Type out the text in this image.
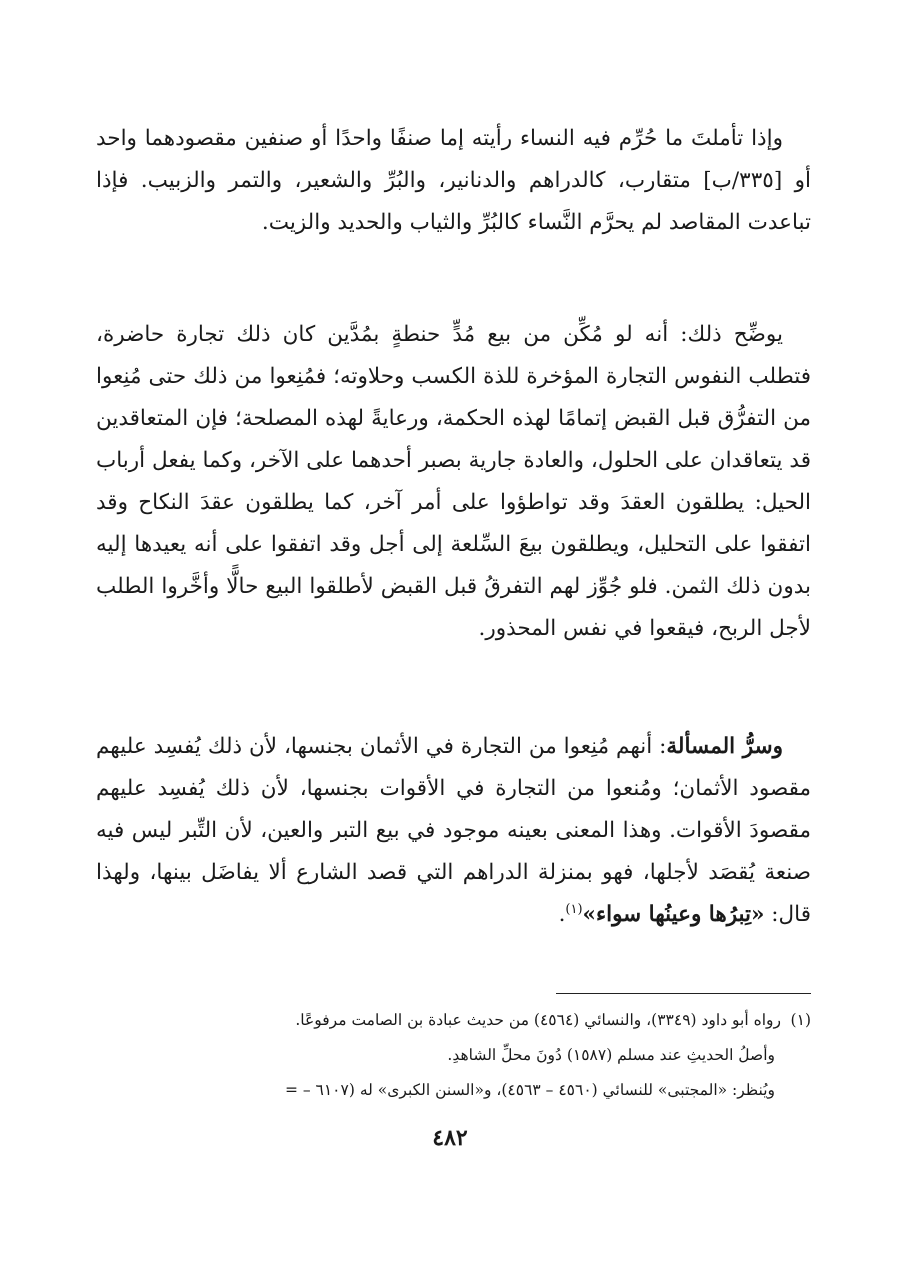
وإذا تأملتَ ما حُرِّم فيه النساء رأيته إما صنفًا واحدًا أو صنفين مقصودهما واحد أو [٣٣٥/ب] متقارب، كالدراهم والدنانير، والبُرِّ والشعير، والتمر والزبيب. فإذا تباعدت المقاصد لم يحرَّم النَّساء كالبُرِّ والثياب والحديد والزيت.

يوضِّح ذلك: أنه لو مُكِّن من بيع مُدٍّ حنطةٍ بمُدَّين كان ذلك تجارة حاضرة، فتطلب النفوس التجارة المؤخرة للذة الكسب وحلاوته؛ فمُنِعوا من ذلك حتى مُنِعوا من التفرُّق قبل القبض إتمامًا لهذه الحكمة، ورعايةً لهذه المصلحة؛ فإن المتعاقدين قد يتعاقدان على الحلول، والعادة جارية بصبر أحدهما على الآخر، وكما يفعل أرباب الحيل: يطلقون العقدَ وقد تواطؤوا على أمر آخر، كما يطلقون عقدَ النكاح وقد اتفقوا على التحليل، ويطلقون بيعَ السِّلعة إلى أجل وقد اتفقوا على أنه يعيدها إليه بدون ذلك الثمن. فلو جُوِّز لهم التفرقُ قبل القبض لأطلقوا البيع حالًّا وأخَّروا الطلب لأجل الربح، فيقعوا في نفس المحذور.

وسرُّ المسألة: أنهم مُنِعوا من التجارة في الأثمان بجنسها، لأن ذلك يُفسِد عليهم مقصود الأثمان؛ ومُنعوا من التجارة في الأقوات بجنسها، لأن ذلك يُفسِد عليهم مقصودَ الأقوات. وهذا المعنى بعينه موجود في بيع التبر والعين، لأن التِّبر ليس فيه صنعة يُقصَد لأجلها، فهو بمنزلة الدراهم التي قصد الشارع ألا يفاضَل بينها، ولهذا قال: «تِبرُها وعينُها سواء»$^{(١)}$.

(١)رواه أبو داود (٣٣٤٩)، والنسائي (٤٥٦٤) من حديث عبادة بن الصامت مرفوعًا.

وأصلُ الحديثِ عند مسلم (١٥٨٧) دُونَ محلِّ الشاهدِ.

ويُنظر: «المجتبى» للنسائي (٤٥٦٠ – ٤٥٦٣)، و«السنن الكبرى» له (٦١٠٧ – =

٤٨٢
